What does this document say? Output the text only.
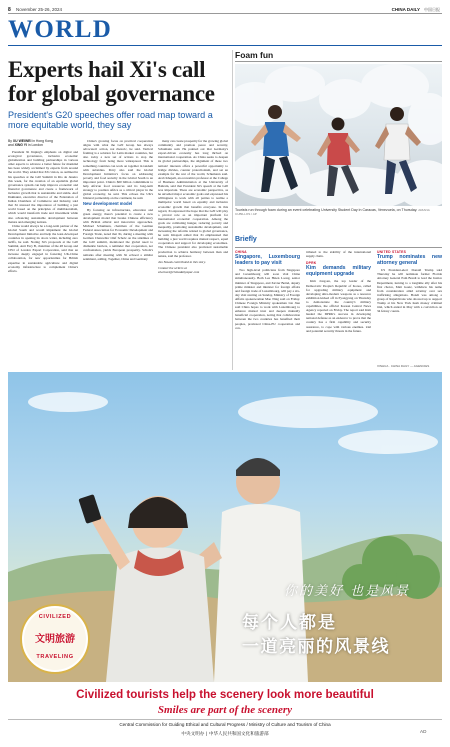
8 November 25-26, 2024	CHINA DAILY 中国日报
WORLD
Experts hail Xi's call for global governance
President's G20 speeches offer road map toward a more equitable world, they say
By XU WEIWEI in Hong Kong
and XING YI in London
President Xi Jinping's emphasis on digital and ecological governance, inclusive economic globalization and building partnerships in various other aspects to advance a better future for mankind has been widely acclaimed by experts from around the world. They added that Xi's vision, as outlined in his speeches at the G20 Summit in Rio de Janeiro this week, for the creation of an equitable global governance system can help improve economic and financial governance and create a framework of inclusive growth that is sustainable and stable. Atef Dakhakni, executive director of the Federation of Indian Chambers of Commerce and Industry, said that Xi stressed the importance of building a just world based on the principles of multilateralism, which would transform trade and investment while also advancing sustainable development between mature and emerging nations.
China would always be a long-term partner of the Global South and would implement the Global Development Initiative and help the least-developed countries in opening its doors wider, including zero tariffs, he said. Noting Xi's proposals at the G20 Summit, Anti Fery B, chairman of the 48 Group and CEO of London Export Corporation, said that an increase deeply engaged in fostering UK-China collaboration, for new opportunities for British expertise in sustainable agriculture and digital economy infrastructure to complement China's efforts.
China's growing focus on practical cooperation aligns with what the G20 Group has always advocated: action, not rhetoric, he said. Vertical framing is a solution for Latin market countries, but also today a new set of actions to stop the technology from being more widespread. This is something countries can work on together in tandem with subsidies. Perry also said the Global Development Initiative's focus on addressing poverty and food security in the Global South is an important point. China's $60 billion commitment to help African food resources and its long-term strategy to position Africa as a critical player in the global economy, he said. This echoes the UK's bilateral partnership on the continent, he said.
New development model
By focusing on infrastructure, education and green energy, there's potential to create a new development model that breaks Chinese efficiency with British ethical and innovative approaches. Michael Schumann, chairman of the German Federal Association for Economic Development and Foreign Trade, noted that Xi, during a meeting with German Chancellor Olaf Scholz on the sidelines of the G20 summit, mentioned the global need to dismantle barriers, a reminder that cooperation, not confrontation, yields European prosperity. Scholz's remarks after meeting with Xi echoed a similar sentiment, adding, Together, China and Germany
many can create prosperity for the growing global community and promote peace and security, Schumann said. He pointed out that Germany's export-driven economy has long thrived on international cooperation. As China seeks to deepen its global partnerships, the alignment of these two nations' interests offers a powerful opportunity to bridge divides, counter protectionism, and set an example for the rest of the world, Schumann said. Arab Khapali, an economics professor at the College of Business Administration at the University of Bahrain, said that President Xi's speech at the G20 was important. There are economic perspective, as he unveiled major economic goals and expressed his willingness to work with all parties to realize a multipolar world based on equality and inclusive economic growth that benefits everyone. In this regard, Xi expressed the hope that the G20 will play a pivotal role as an important platform for international economic cooperation. Among the goals are combating hunger, reducing poverty and inequality, promoting sustainable development, and increasing the reforms related to global governance, he said. Khapali added that Xi emphasized that building a just world requires mutual respect, equal cooperation and support for developing economies. The Chinese president also promoted sustainable production to achieve harmony between man and nature, said the professor.
Jan Nowak contributed to this story.
Contact the writers at
xiweiwei@chinadailyapac.com
Foam fun
Tourists run through foam during an event celebrating University Student Day in Caracas, Venezuela, on Thursday. ARIANA CUBILLOS / AP
Briefly
CHINA
Singapore, Luxembourg leaders to pay visit
Two high-level politicians from Singapore and Luxembourg will soon visit China simultaneously. Both Lee Hsien Loong, senior minister of Singapore, and Xavier Bettel, deputy prime minister and minister for foreign affairs and foreign trade of Luxembourg, will pay a six-day visit starting on Sunday, Ministry of Foreign Affairs spokeswoman Mao Ning said on Friday. Chinese Foreign Ministry spokesman Lin Jian said China hopes to work with Luxembourg to enhance mutual trust and deepen mutually beneficial cooperation, noting that collaboration between the two countries has benefited their peoples, promoted China-EU cooperation and con-
tributed to the stability of the international supply chain.
DPRK
Kim demands military equipment upgrade
Kim Jong-un, the top leader of the Democratic People's Republic of Korea, called for upgrading military equipment and developing ultra-modern weapons as a resource exhibition kicked off in Pyongyang on Thursday to demonstrate the country's military capabilities, the official Korean Central News Agency reported on Friday. The report said Kim lauded the DPRK's success in developing national defense as an endeavor to prove that the country has a firm capability and security assurance, to cope with various enemies. trial and potential security threats in the future.
UNITED STATES
Trump nominates new attorney general
US President-elect Donald Trump said Thursday he will nominate former Florida Attorney General Pam Bondi to lead the Justice Department, turning to a longtime ally after his first choice, Matt Gaetz, withdrew his name from consideration amid scrutiny over sex trafficking allegations. Bondi was among a group of Republicans who showed up to support Trump at his New York hush money criminal trial, which ended in May with a conviction on 34 felony counts.
XINHUA · CHINA DAILY — AGENCIES
你的美好 也是风景
每个人都是
一道亮丽的风景线
CIVILIZED
文明旅游
TRAVELING
Civilized tourists help the scenery look more beautiful
Smiles are part of the scenery
Central Commission for Guiding Ethical and Cultural Progress / Ministry of Culture and Tourism of China
中央文明办 | 中华人民共和国文化和旅游部
AD
